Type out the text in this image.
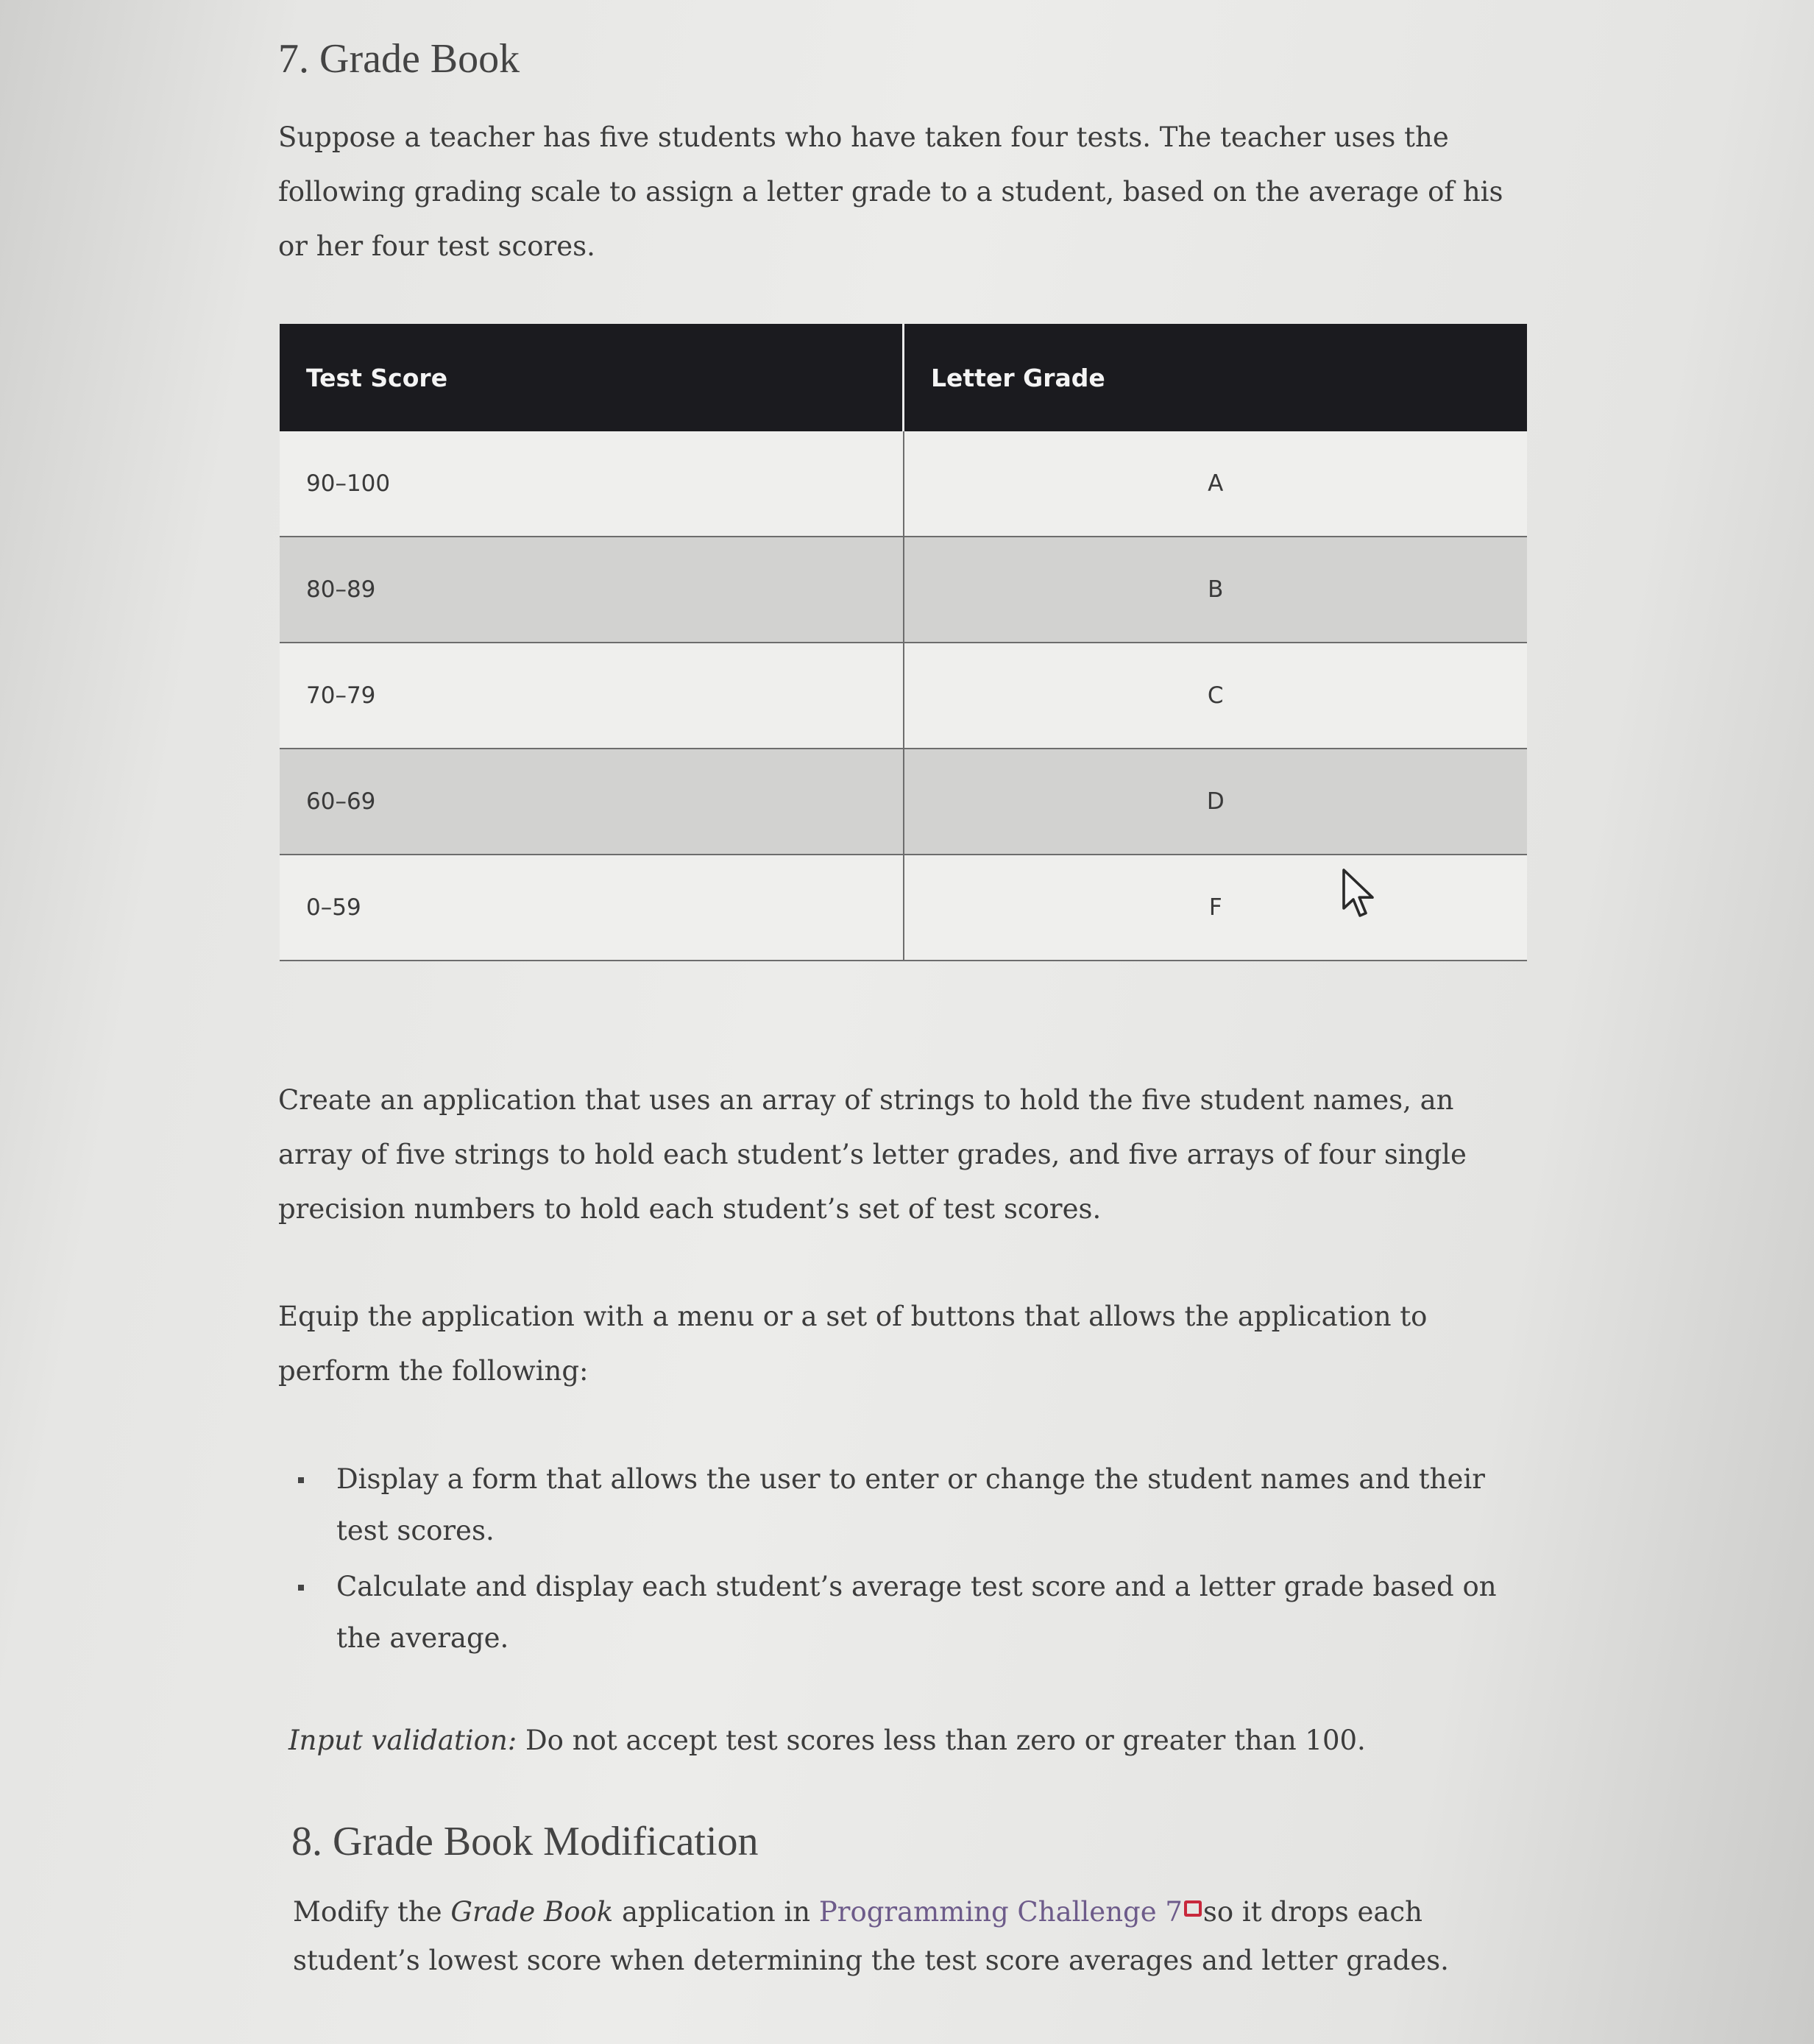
7. Grade Book

Suppose a teacher has five students who have taken four tests. The teacher uses the following grading scale to assign a letter grade to a student, based on the average of his or her four test scores.

Test Score	Letter Grade
90–100	A
80–89	B
70–79	C
60–69	D
0–59	F

Create an application that uses an array of strings to hold the five student names, an array of five strings to hold each student’s letter grades, and five arrays of four single precision numbers to hold each student’s set of test scores.

Equip the application with a menu or a set of buttons that allows the application to perform the following:

Display a form that allows the user to enter or change the student names and their test scores.
Calculate and display each student’s average test score and a letter grade based on the average.

Input validation: Do not accept test scores less than zero or greater than 100.

8. Grade Book Modification

Modify the Grade Book application in Programming Challenge 7 so it drops each student’s lowest score when determining the test score averages and letter grades.
